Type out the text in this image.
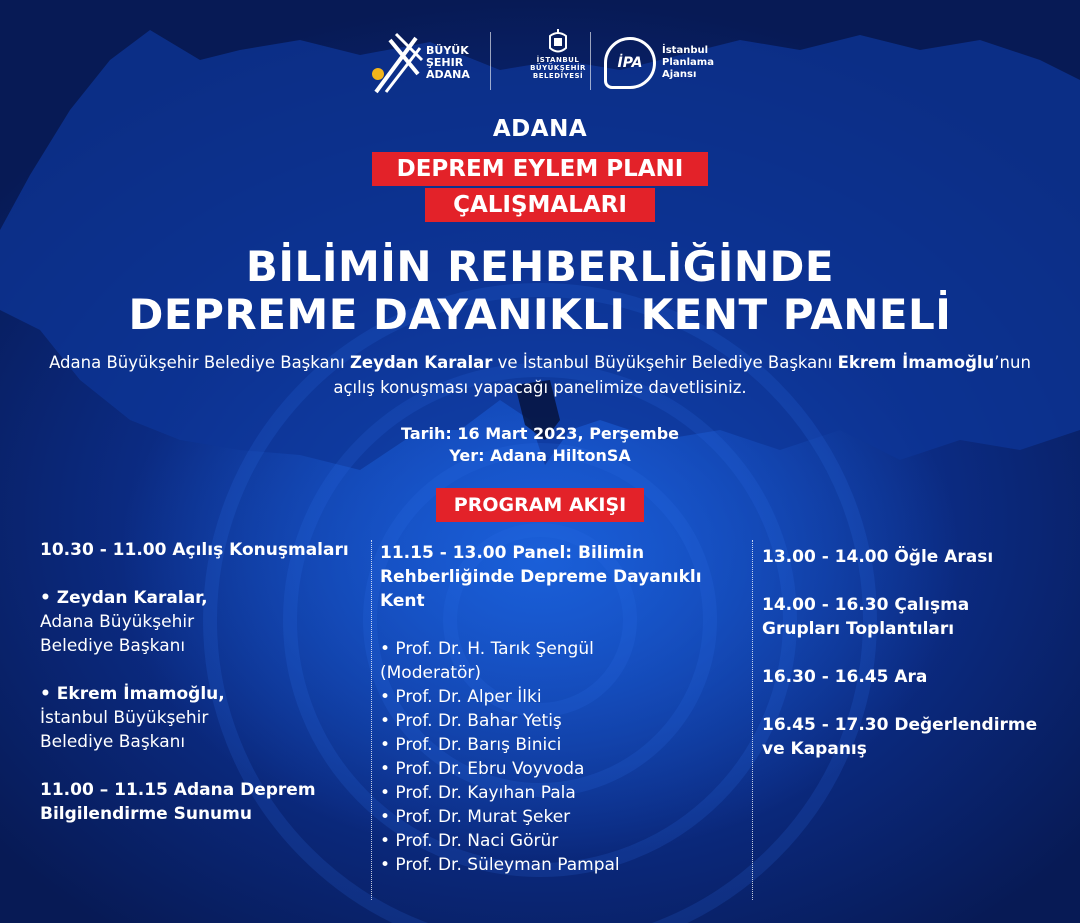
BÜYÜK
ŞEHIR
ADANA
İSTANBUL
BÜYÜKŞEHİR
BELEDİYESİ
İPA
İstanbul
Planlama
Ajansı
ADANA
DEPREM EYLEM PLANI
ÇALIŞMALARI
BİLİMİN REHBERLİĞİNDE
DEPREME DAYANIKLI KENT PANELİ
Adana Büyükşehir Belediye Başkanı Zeydan Karalar ve İstanbul Büyükşehir Belediye Başkanı Ekrem İmamoğlu’nun
açılış konuşması yapacağı panelimize davetlisiniz.
Tarih: 16 Mart 2023, Perşembe
Yer: Adana HiltonSA
PROGRAM AKIŞI

10.30 - 11.00 Açılış Konuşmaları

• Zeydan Karalar,

Adana Büyükşehir

Belediye Başkanı

• Ekrem İmamoğlu,

İstanbul Büyükşehir

Belediye Başkanı

11.00 – 11.15 Adana Deprem

Bilgilendirme Sunumu

11.15 - 13.00 Panel: Bilimin

Rehberliğinde Depreme Dayanıklı

Kent

• Prof. Dr. H. Tarık Şengül

(Moderatör)

• Prof. Dr. Alper İlki

• Prof. Dr. Bahar Yetiş

• Prof. Dr. Barış Binici

• Prof. Dr. Ebru Voyvoda

• Prof. Dr. Kayıhan Pala

• Prof. Dr. Murat Şeker

• Prof. Dr. Naci Görür

• Prof. Dr. Süleyman Pampal

13.00 - 14.00 Öğle Arası

14.00 - 16.30 Çalışma

Grupları Toplantıları

16.30 - 16.45 Ara

16.45 - 17.30 Değerlendirme

ve Kapanış
